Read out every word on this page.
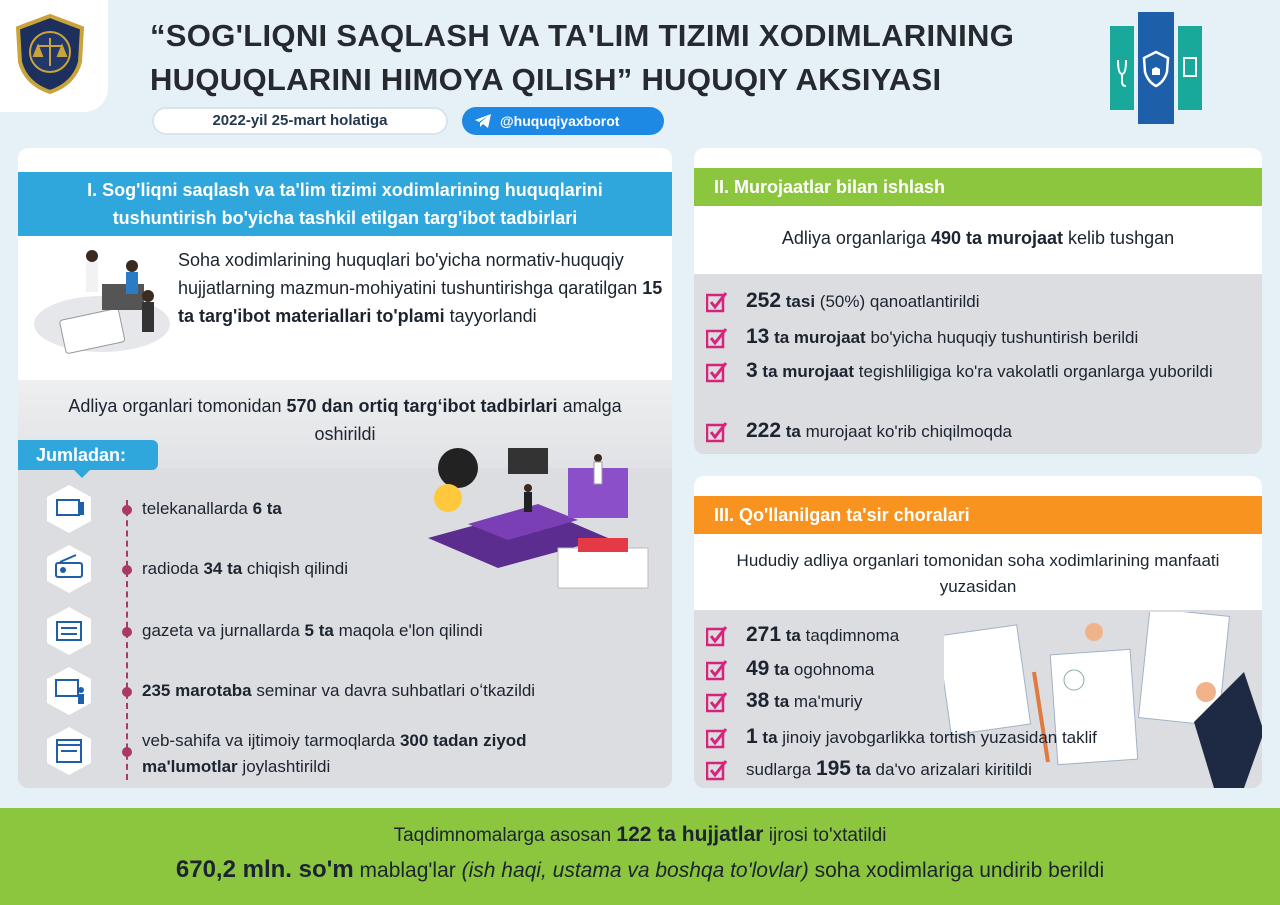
“SOG'LIQNI SAQLASH VA TA'LIM TIZIMI XODIMLARINING
HUQUQLARINI HIMOYA QILISH” HUQUQIY AKSIYASI
2022-yil 25-mart holatiga	@huquqiyaxborot
I. Sog'liqni saqlash va ta'lim tizimi xodimlarining huquqlarini
tushuntirish bo'yicha tashkil etilgan targ'ibot tadbirlari
Soha xodimlarining huquqlari bo'yicha normativ-huquqiy hujjatlarning mazmun-mohiyatini tushuntirishga qaratilgan 15 ta targ'ibot materiallari to'plami tayyorlandi
Adliya organlari tomonidan 570 dan ortiq targʻibot tadbirlari amalga oshirildi
Jumladan:
telekanallarda 6 ta
radioda 34 ta chiqish qilindi
gazeta va jurnallarda 5 ta maqola e'lon qilindi
235 marotaba seminar va davra suhbatlari oʻtkazildi
veb-sahifa va ijtimoiy tarmoqlarda 300 tadan ziyod ma'lumotlar joylashtirildi
II. Murojaatlar bilan ishlash
Adliya organlariga 490 ta murojaat kelib tushgan
252 tasi (50%) qanoatlantirildi
13 ta murojaat bo'yicha huquqiy tushuntirish berildi
3 ta murojaat tegishliligiga ko'ra vakolatli organlarga yuborildi
222 ta murojaat ko'rib chiqilmoqda
III. Qo'llanilgan ta'sir choralari
Hududiy adliya organlari tomonidan soha xodimlarining manfaati yuzasidan
271 ta taqdimnoma
49 ta ogohnoma
38 ta ma'muriy
1 ta jinoiy javobgarlikka tortish yuzasidan taklif
sudlarga 195 ta da'vo arizalari kiritildi
Taqdimnomalarga asosan 122 ta hujjatlar ijrosi to'xtatildi
670,2 mln. so'm mablag'lar (ish haqi, ustama va boshqa to'lovlar) soha xodimlariga undirib berildi
